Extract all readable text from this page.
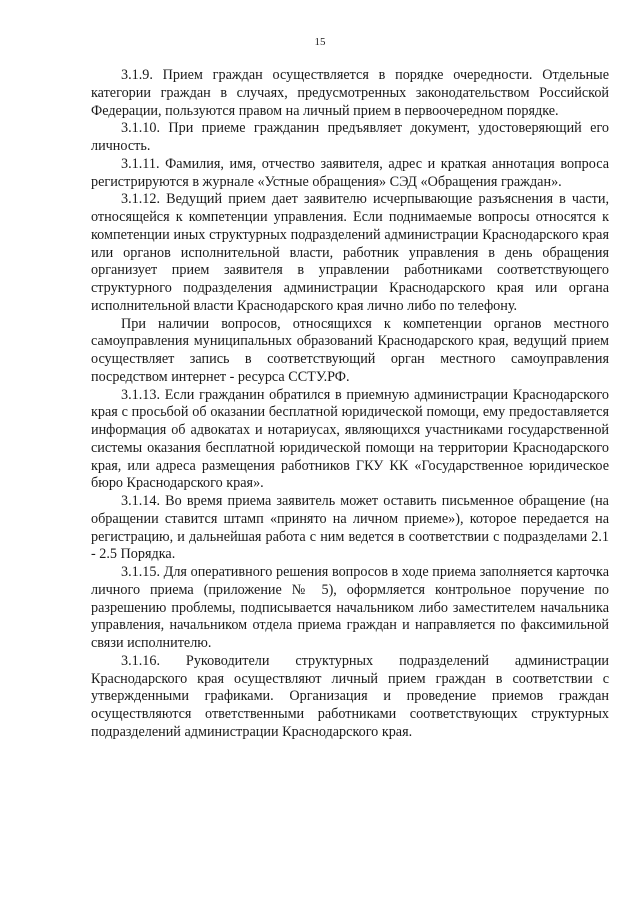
15

3.1.9. Прием граждан осуществляется в порядке очередности. Отдельные категории граждан в случаях, предусмотренных законодательством Российской Федерации, пользуются правом на личный прием в первоочередном порядке.

3.1.10. При приеме гражданин предъявляет документ, удостоверяющий его личность.

3.1.11. Фамилия, имя, отчество заявителя, адрес и краткая аннотация вопроса регистрируются в журнале «Устные обращения» СЭД «Обращения граждан».

3.1.12. Ведущий прием дает заявителю исчерпывающие разъяснения в части, относящейся к компетенции управления. Если поднимаемые вопросы относятся к компетенции иных структурных подразделений администрации Краснодарского края или органов исполнительной власти, работник управления в день обращения организует прием заявителя в управлении работниками соответствующего структурного подразделения администрации Краснодарского края или органа исполнительной власти Краснодарского края лично либо по телефону.

При наличии вопросов, относящихся к компетенции органов местного самоуправления муниципальных образований Краснодарского края, ведущий прием осуществляет запись в соответствующий орган местного самоуправления посредством интернет - ресурса ССТУ.РФ.

3.1.13. Если гражданин обратился в приемную администрации Краснодарского края с просьбой об оказании бесплатной юридической помощи, ему предоставляется информация об адвокатах и нотариусах, являющихся участниками государственной системы оказания бесплатной юридической помощи на территории Краснодарского края, или адреса размещения работников ГКУ КК «Государственное юридическое бюро Краснодарского края».

3.1.14. Во время приема заявитель может оставить письменное обращение (на обращении ставится штамп «принято на личном приеме»), которое передается на регистрацию, и дальнейшая работа с ним ведется в соответствии с подразделами 2.1 - 2.5 Порядка.

3.1.15. Для оперативного решения вопросов в ходе приема заполняется карточка личного приема (приложение № 5), оформляется контрольное поручение по разрешению проблемы, подписывается начальником либо заместителем начальника управления, начальником отдела приема граждан и направляется по факсимильной связи исполнителю.

3.1.16. Руководители структурных подразделений администрации Краснодарского края осуществляют личный прием граждан в соответствии с утвержденными графиками. Организация и проведение приемов граждан осуществляются ответственными работниками соответствующих структурных подразделений администрации Краснодарского края.
